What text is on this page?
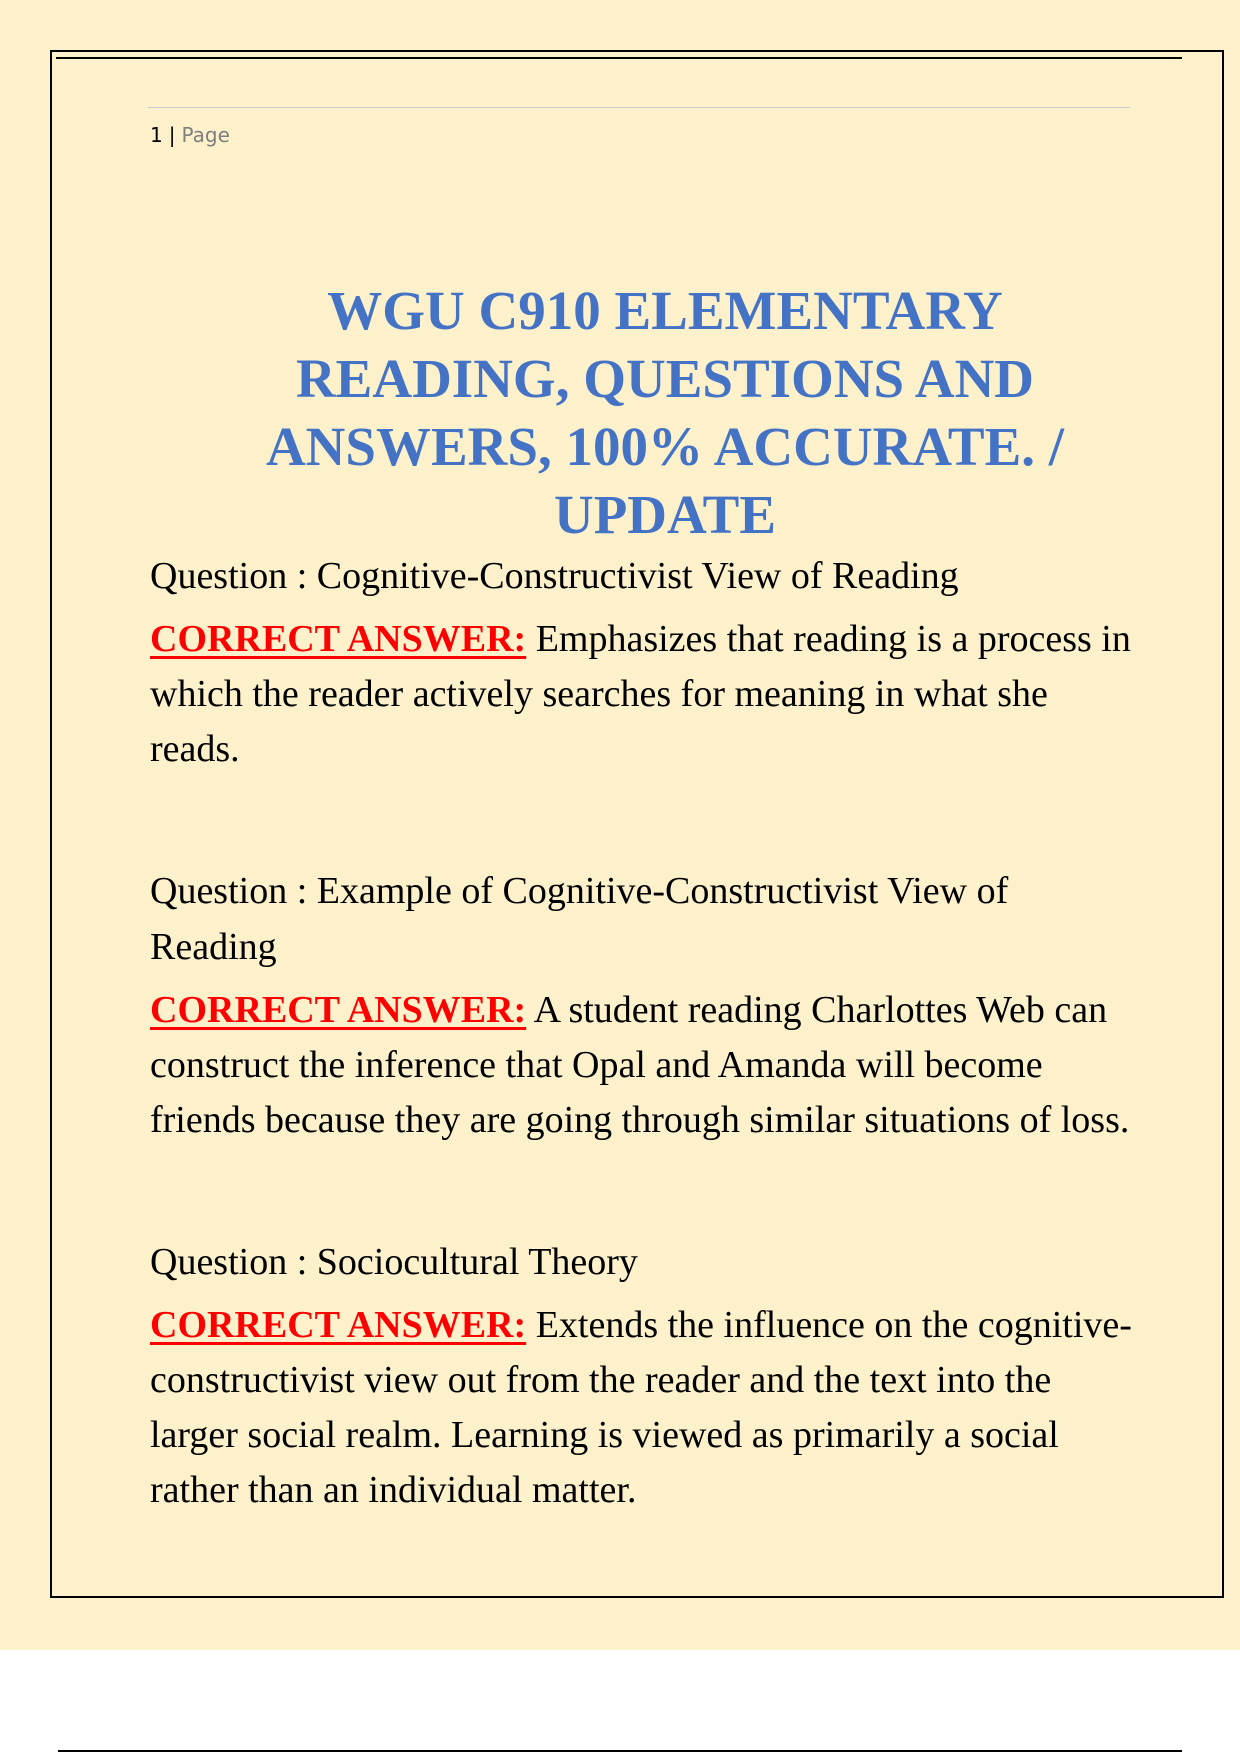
1 | Page
WGU C910 ELEMENTARY READING, QUESTIONS AND ANSWERS, 100% ACCURATE. / UPDATE

Question : Cognitive-Constructivist View of Reading

CORRECT ANSWER: Emphasizes that reading is a process in which the reader actively searches for meaning in what she reads.

Question : Example of Cognitive-Constructivist View of Reading

CORRECT ANSWER: A student reading Charlottes Web can construct the inference that Opal and Amanda will become friends because they are going through similar situations of loss.

Question : Sociocultural Theory

CORRECT ANSWER: Extends the influence on the cognitive-constructivist view out from the reader and the text into the larger social realm. Learning is viewed as primarily a social rather than an individual matter.
